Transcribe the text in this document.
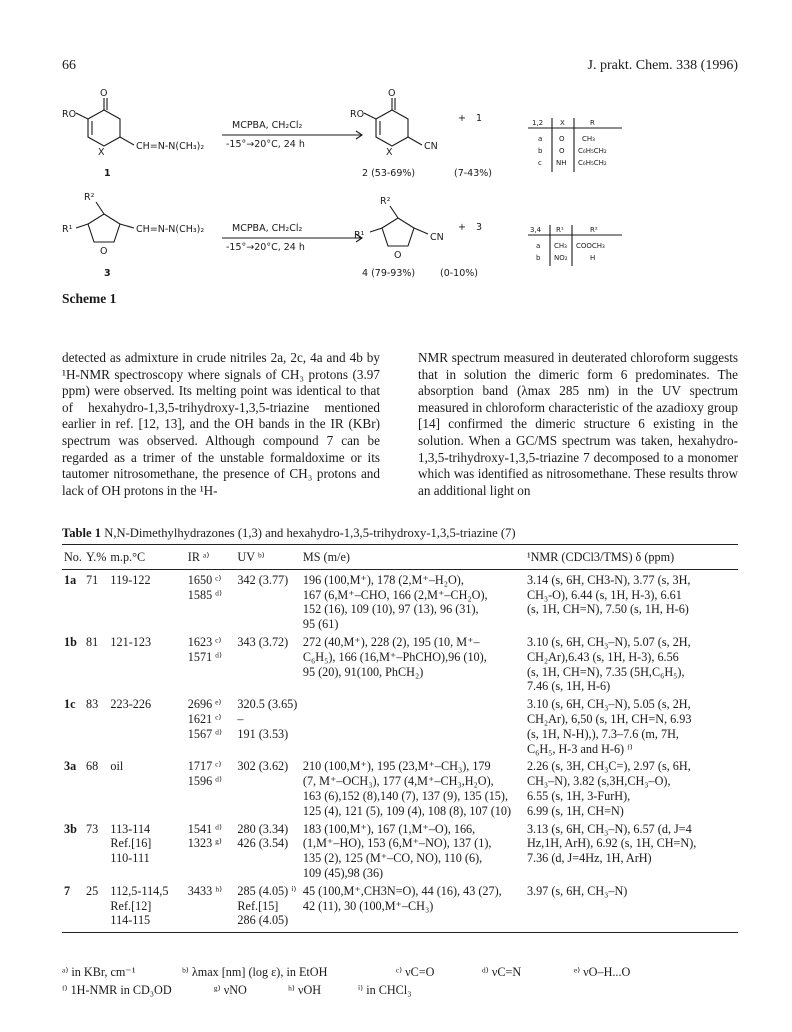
66	J. prakt. Chem. 338 (1996)
RO
O
X
CH=N-N(CH₃)₂
1
MCPBA, CH₂Cl₂
-15°→20°C, 24 h
RO
O
X
CN
+ 1
2 (53-69%)	(7-43%)
1,2 X	R
a O CH₃
b O C₆H₅CH₂
c NH C₆H₅CH₂
R²
R¹
O
CH=N-N(CH₃)₂
3
MCPBA, CH₂Cl₂
-15°→20°C, 24 h
R²
R¹
O
CN
+ 3
4 (79-93%)	(0-10%)
3,4 R¹	R²
a CH₃ COOCH₃
b NO₂	H
Scheme 1

detected as admixture in crude nitriles 2a, 2c, 4a and 4b by ¹H-NMR spectroscopy where signals of CH₃ protons (3.97 ppm) were observed. Its melting point was identical to that of hexahydro-1,3,5-trihydroxy-1,3,5-triazine mentioned earlier in ref. [12, 13], and the OH bands in the IR (KBr) spectrum was observed. Although compound 7 can be regarded as a trimer of the unstable formaldoxime or its tautomer nitrosomethane, the presence of CH₃ protons and lack of OH protons in the ¹H-

NMR spectrum measured in deuterated chloroform suggests that in solution the dimeric form 6 predominates. The absorption band (λmax 285 nm) in the UV spectrum measured in chloroform characteristic of the azadioxy group [14] confirmed the dimeric structure 6 existing in the solution. When a GC/MS spectrum was taken, hexahydro-1,3,5-trihydroxy-1,3,5-triazine 7 decomposed to a monomer which was identified as nitrosomethane. These results throw an additional light on

Table 1 N,N-Dimethylhydrazones (1,3) and hexahydro-1,3,5-trihydroxy-1,3,5-triazine (7)
No.	Y.%	m.p.°C	IR ᵃ⁾	UV ᵇ⁾	MS (m/e)	¹NMR (CDCl3/TMS) δ (ppm)
1a	71	119-122	1650 ᶜ⁾
1585 ᵈ⁾	342 (3.77)	196 (100,M⁺), 178 (2,M⁺–H₂O),
167 (6,M⁺–CHO, 166 (2,M⁺–CH₂O),
152 (16), 109 (10), 97 (13), 96 (31),
95 (61)	3.14 (s, 6H, CH3-N), 3.77 (s, 3H,
CH₃-O), 6.44 (s, 1H, H-3), 6.61
(s, 1H, CH=N), 7.50 (s, 1H, H-6)
1b	81	121-123	1623 ᶜ⁾
1571 ᵈ⁾	343 (3.72)	272 (40,M⁺), 228 (2), 195 (10, M⁺–
C₆H₅), 166 (16,M⁺–PhCHO),96 (10),
95 (20), 91(100, PhCH₂)	3.10 (s, 6H, CH₃–N), 5.07 (s, 2H,
CH₂Ar),6.43 (s, 1H, H-3), 6.56
(s, 1H, CH=N), 7.35 (5H,C₆H₅),
7.46 (s, 1H, H-6)
1c	83	223-226	2696 ᵉ⁾
1621 ᶜ⁾
1567 ᵈ⁾	320.5 (3.65) –
191 (3.53)		3.10 (s, 6H, CH₃–N), 5.05 (s, 2H,
CH₂Ar), 6,50 (s, 1H, CH=N, 6.93
(s, 1H, N-H),), 7.3–7.6 (m, 7H,
C₆H₅, H-3 and H-6) ᶠ⁾
3a	68	oil	1717 ᶜ⁾
1596 ᵈ⁾	302 (3.62)	210 (100,M⁺), 195 (23,M⁺–CH₃), 179
(7, M⁺–OCH₃), 177 (4,M⁺–CH₃,H₂O),
163 (6),152 (8),140 (7), 137 (9), 135 (15),
125 (4), 121 (5), 109 (4), 108 (8), 107 (10)	2.26 (s, 3H, CH₃C=), 2.97 (s, 6H,
CH₃–N), 3.82 (s,3H,CH₃–O),
6.55 (s, 1H, 3-FurH),
6.99 (s, 1H, CH=N)
3b	73	113-114
Ref.[16]
110-111	1541 ᵈ⁾
1323 ᵍ⁾	280 (3.34)
426 (3.54)	183 (100,M⁺), 167 (1,M⁺–O), 166,
(1,M⁺–HO), 153 (6,M⁺–NO), 137 (1),
135 (2), 125 (M⁺–CO, NO), 110 (6),
109 (45),98 (36)	3.13 (s, 6H, CH₃–N), 6.57 (d, J=4
Hz,1H, ArH), 6.92 (s, 1H, CH=N),
7.36 (d, J=4Hz, 1H, ArH)
7	25	112,5-114,5
Ref.[12]
114-115	3433 ʰ⁾	285 (4.05) ⁱ⁾
Ref.[15]
286 (4.05)	45 (100,M⁺,CH3N=O), 44 (16), 43 (27),
42 (11), 30 (100,M⁺–CH₃)	3.97 (s, 6H, CH₃–N)
ᵃ⁾ in KBr, cm⁻¹	ᵇ⁾ λmax [nm] (log ε), in EtOH	ᶜ⁾ νC=O	ᵈ⁾ νC=N	ᵉ⁾ νO–H...O
ᶠ⁾ 1H-NMR in CD₃OD	ᵍ⁾ νNO	ʰ⁾ νOH	ⁱ⁾ in CHCl₃
